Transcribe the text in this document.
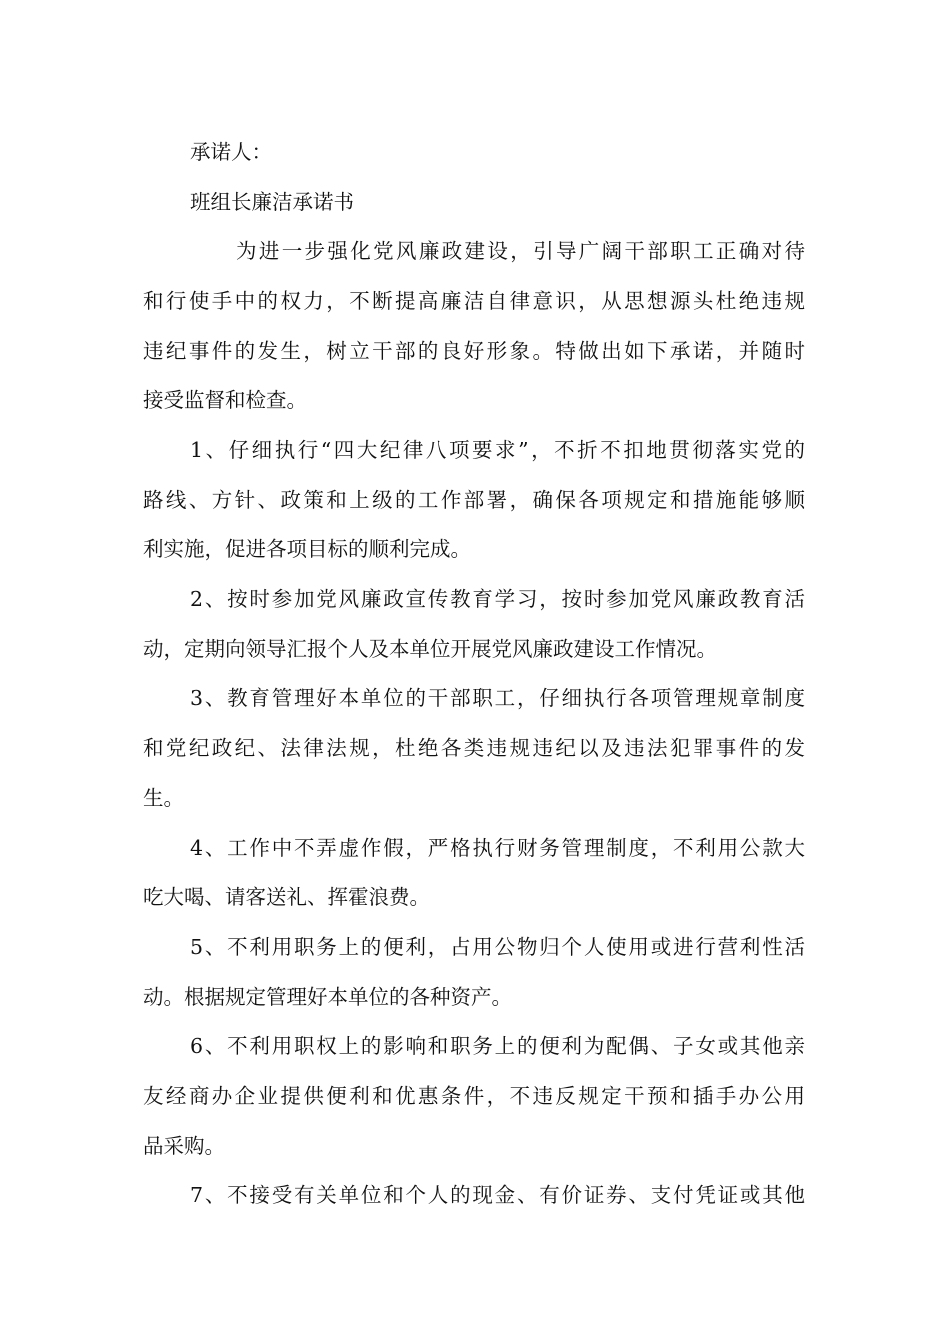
承诺人：
班组长廉洁承诺书
为进一步强化党风廉政建设，引导广阔干部职工正确对待
和行使手中的权力，不断提高廉洁自律意识，从思想源头杜绝违规
违纪事件的发生，树立干部的良好形象。特做出如下承诺，并随时
接受监督和检查。
1、仔细执行“四大纪律八项要求”，不折不扣地贯彻落实党的
路线、方针、政策和上级的工作部署，确保各项规定和措施能够顺
利实施，促进各项目标的顺利完成。
2、按时参加党风廉政宣传教育学习，按时参加党风廉政教育活
动，定期向领导汇报个人及本单位开展党风廉政建设工作情况。
3、教育管理好本单位的干部职工，仔细执行各项管理规章制度
和党纪政纪、法律法规，杜绝各类违规违纪以及违法犯罪事件的发
生。
4、工作中不弄虚作假，严格执行财务管理制度，不利用公款大
吃大喝、请客送礼、挥霍浪费。
5、不利用职务上的便利，占用公物归个人使用或进行营利性活
动。根据规定管理好本单位的各种资产。
6、不利用职权上的影响和职务上的便利为配偶、子女或其他亲
友经商办企业提供便利和优惠条件，不违反规定干预和插手办公用
品采购。
7、不接受有关单位和个人的现金、有价证券、支付凭证或其他
